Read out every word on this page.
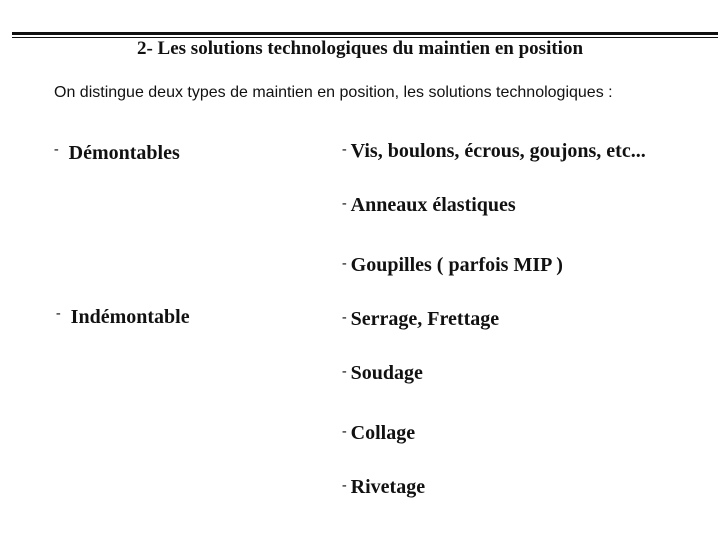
2- Les solutions technologiques du maintien en position
On distingue deux types de maintien en position, les solutions technologiques :
- Démontables
- Indémontable
- Vis, boulons, écrous, goujons, etc...
- Anneaux élastiques
- Goupilles ( parfois MIP )
- Serrage, Frettage
- Soudage
- Collage
- Rivetage
